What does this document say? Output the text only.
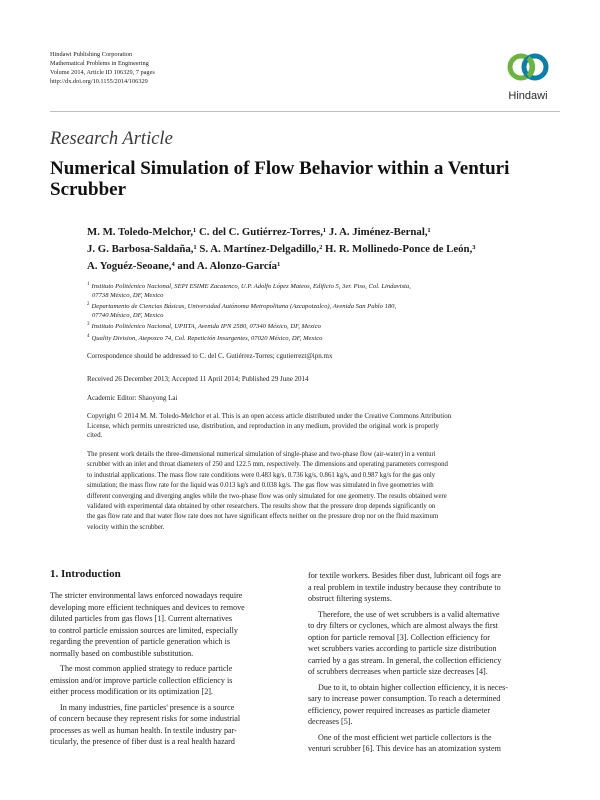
Hindawi Publishing Corporation
Mathematical Problems in Engineering
Volume 2014, Article ID 106329, 7 pages
http://dx.doi.org/10.1155/2014/106329
Hindawi
Research Article
Numerical Simulation of Flow Behavior within a Venturi
Scrubber
M. M. Toledo-Melchor,¹ C. del C. Gutiérrez-Torres,¹ J. A. Jiménez-Bernal,¹
J. G. Barbosa-Saldaña,¹ S. A. Martínez-Delgadillo,² H. R. Mollinedo-Ponce de León,³
A. Yoguéz-Seoane,⁴ and A. Alonzo-García¹
$^1$ Instituto Politécnico Nacional, SEPI ESIME Zacatenco, U.P. Adolfo López Mateos, Edificio 5, 3er. Piso, Col. Lindavista,
07738 México, DF, Mexico
$^2$ Departamento de Ciencias Básicas, Universidad Autónoma Metropolitana (Azcapotzalco), Avenida San Pablo 180,
07740 México, DF, Mexico
$^3$ Instituto Politécnico Nacional, UPIITA, Avenida IPN 2580, 07340 México, DF, Mexico
$^4$ Quality Division, Atepoxco 74, Col. Repetición Insurgentes, 07020 México, DF, Mexico
Correspondence should be addressed to C. del C. Gutiérrez-Torres; cgutierrezt@ipn.mx
Received 26 December 2013; Accepted 11 April 2014; Published 29 June 2014
Academic Editor: Shaoyong Lai
Copyright © 2014 M. M. Toledo-Melchor et al. This is an open access article distributed under the Creative Commons Attribution
License, which permits unrestricted use, distribution, and reproduction in any medium, provided the original work is properly
cited.
The present work details the three-dimensional numerical simulation of single-phase and two-phase flow (air-water) in a venturi
scrubber with an inlet and throat diameters of 250 and 122.5 mm, respectively. The dimensions and operating parameters correspond
to industrial applications. The mass flow rate conditions were 0.483 kg/s, 0.736 kg/s, 0.861 kg/s, and 0.987 kg/s for the gas only
simulation; the mass flow rate for the liquid was 0.013 kg/s and 0.038 kg/s. The gas flow was simulated in five geometries with
different converging and diverging angles while the two-phase flow was only simulated for one geometry. The results obtained were
validated with experimental data obtained by other researchers. The results show that the pressure drop depends significantly on
the gas flow rate and that water flow rate does not have significant effects neither on the pressure drop nor on the fluid maximum
velocity within the scrubber.
1. Introduction
The stricter environmental laws enforced nowadays require
developing more efficient techniques and devices to remove
diluted particles from gas flows [1]. Current alternatives
to control particle emission sources are limited, especially
regarding the prevention of particle generation which is
normally based on combustible substitution.
The most common applied strategy to reduce particle
emission and/or improve particle collection efficiency is
either process modification or its optimization [2].
In many industries, fine particles' presence is a source
of concern because they represent risks for some industrial
processes as well as human health. In textile industry par-
ticularly, the presence of fiber dust is a real health hazard
for textile workers. Besides fiber dust, lubricant oil fogs are
a real problem in textile industry because they contribute to
obstruct filtering systems.
Therefore, the use of wet scrubbers is a valid alternative
to dry filters or cyclones, which are almost always the first
option for particle removal [3]. Collection efficiency for
wet scrubbers varies according to particle size distribution
carried by a gas stream. In general, the collection efficiency
of scrubbers decreases when particle size decreases [4].
Due to it, to obtain higher collection efficiency, it is neces-
sary to increase power consumption. To reach a determined
efficiency, power required increases as particle diameter
decreases [5].
One of the most efficient wet particle collectors is the
venturi scrubber [6]. This device has an atomization system
